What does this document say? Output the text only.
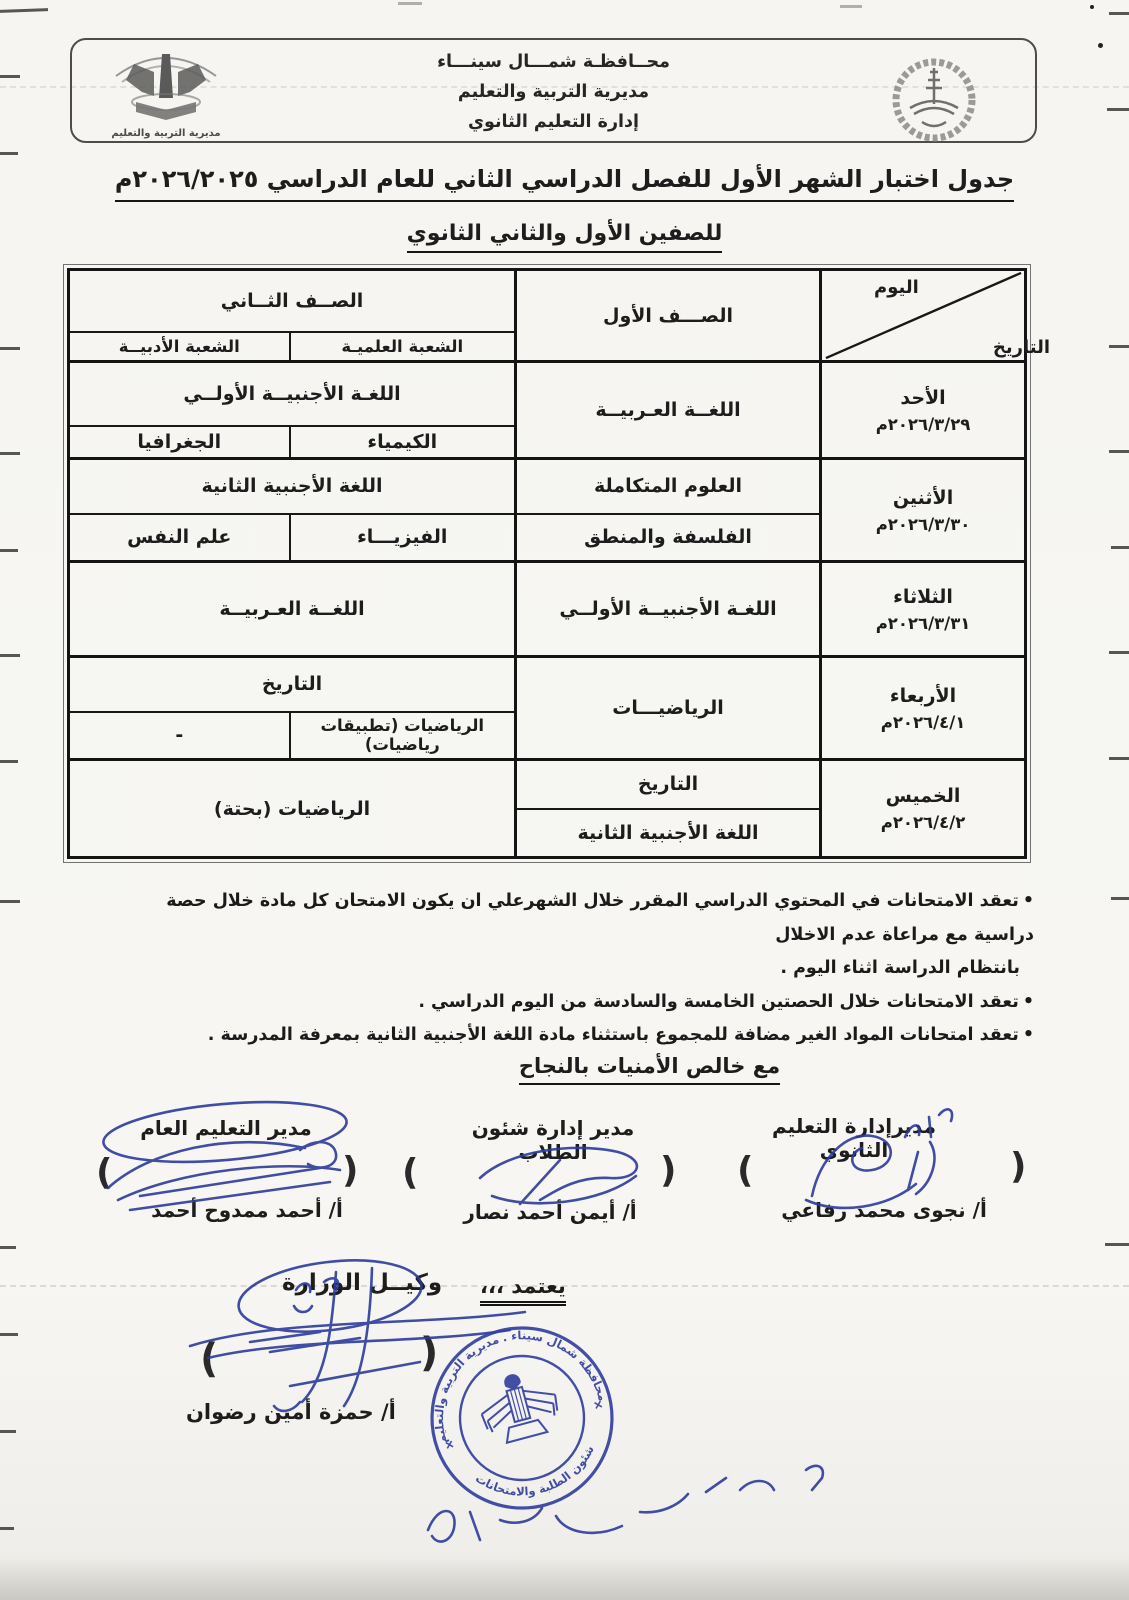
محــافظـة شمـــال سينـــاء
مديرية التربية والتعليم
إدارة التعليم الثانوي
مديرية التربية والتعليم
جدول اختبار الشهر الأول للفصل الدراسي الثاني للعام الدراسي ٢٠٢٦/٢٠٢٥م
للصفين الأول والثاني الثانوي
اليوم
التاريخ	الصـــف الأول	الصــف الثــاني	
		الشعبة العلميـة	الشعبة الأدبيــة

الأحد
٢٠٢٦/٣/٢٩م	اللغــة العـربيــة	اللغـة الأجنبيــة الأولــي	
		الكيمياء	الجغرافيا

الأثنين
٢٠٢٦/٣/٣٠م	العلوم المتكاملة	اللغة الأجنبية الثانية	
	الفلسفة والمنطق	الفيزيـــاء	علم النفس

الثلاثاء
٢٠٢٦/٣/٣١م	اللغـة الأجنبيــة الأولــي	اللغــة العـربيــة	

الأربعاء
٢٠٢٦/٤/١م	الرياضيـــات	التاريخ	
		الرياضيات (تطبيقات رياضيات)	-

الخميس
٢٠٢٦/٤/٢م	التاريخ	الرياضيات (بحتة)	
	اللغة الأجنبية الثانية		
•تعقد الامتحانات في المحتوي الدراسي المقرر خلال الشهرعلي ان يكون الامتحان كل مادة خلال حصة دراسية مع مراعاة عدم الاخلال
بانتظام الدراسة اثناء اليوم .
•تعقد الامتحانات خلال الحصتين الخامسة والسادسة من اليوم الدراسي .
•تعقد امتحانات المواد الغير مضافة للمجموع باستثناء مادة اللغة الأجنبية الثانية بمعرفة المدرسة .
مع خالص الأمنيات بالنجاح
مديرإدارة التعليم الثانوي
مدير إدارة شئون الطلاب
مدير التعليم العام
(	)
(	)
(	)
(	)
أ/ نجوى محمد رفاعي
أ/ أيمن أحمد نصار
أ/ أحمد ممدوح أحمد
يعتمد ،،،
وكيــل الوزارة
أ/ حمزة أمين رضوان
محافظة شمال سيناء . مديرية التربية والتعليم
شئون الطلبة والامتحانات
